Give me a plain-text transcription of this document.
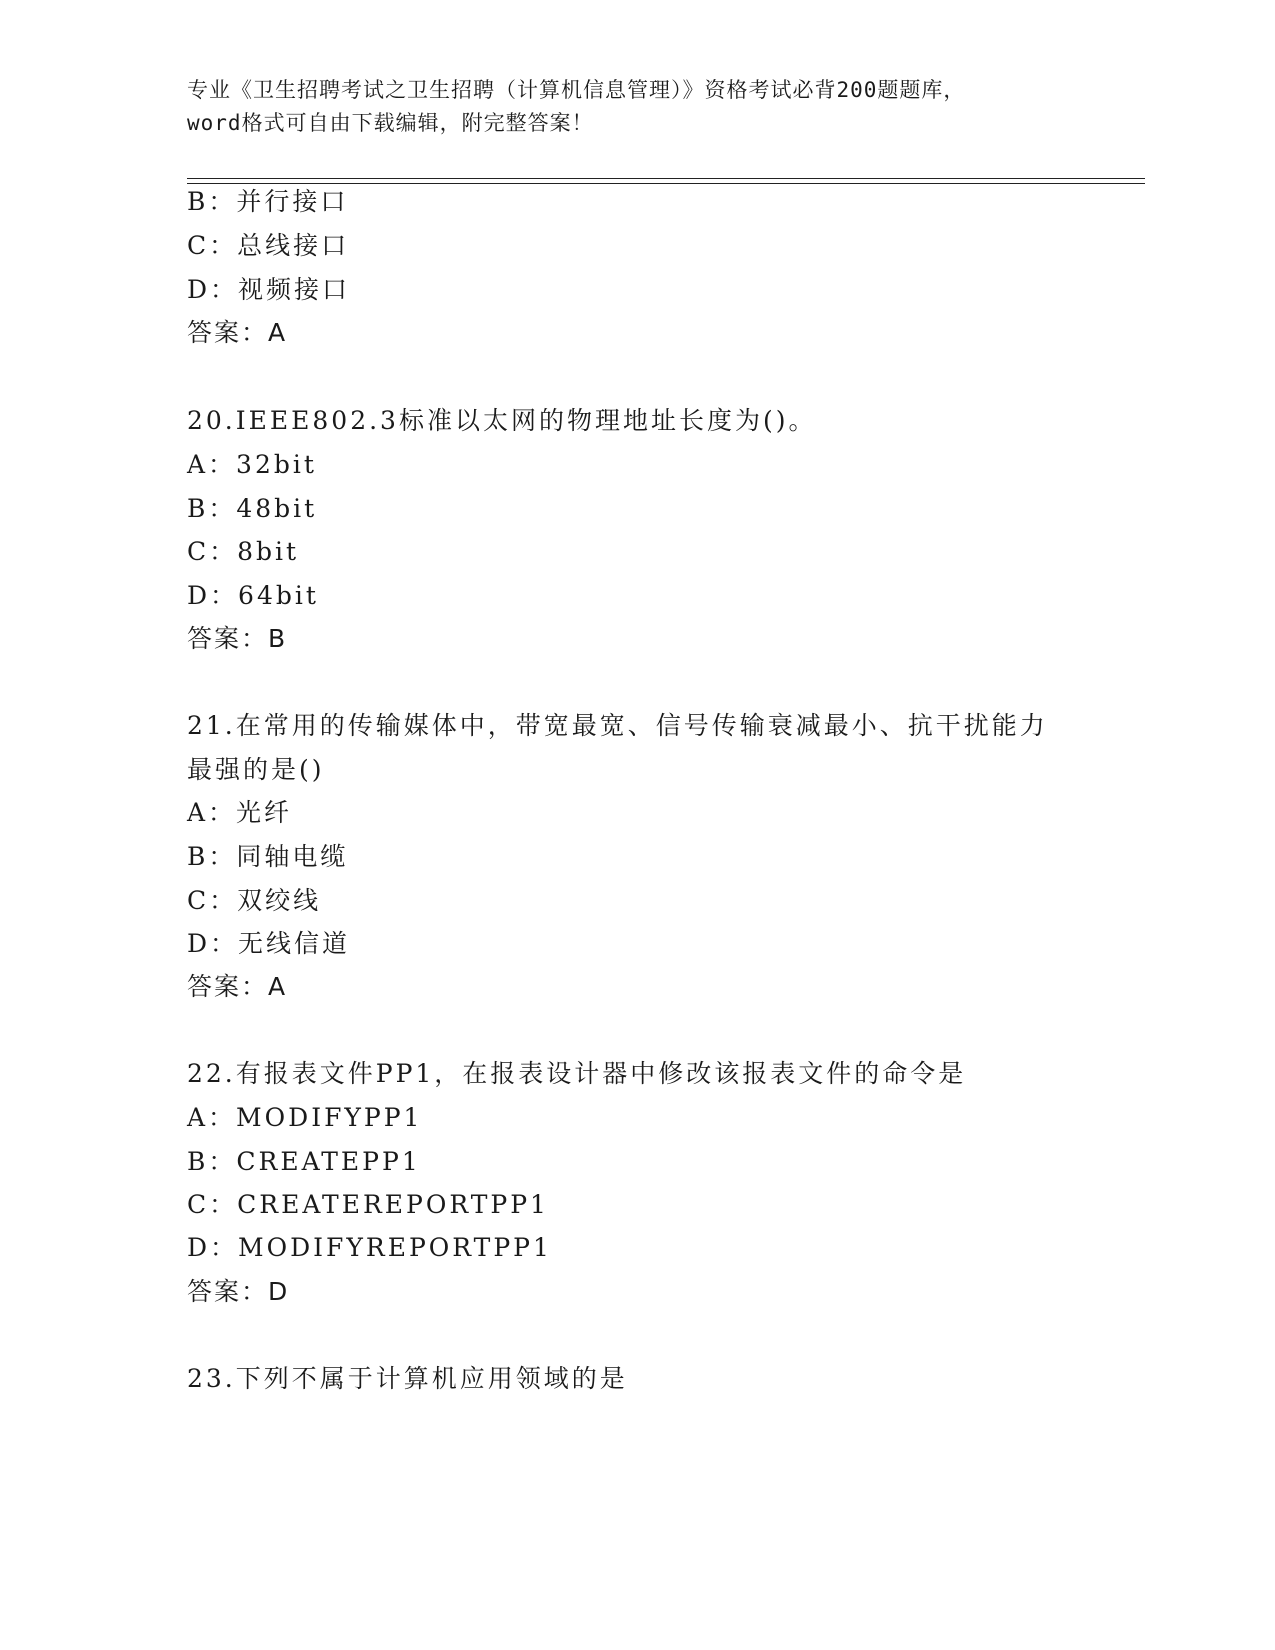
专业《卫生招聘考试之卫生招聘（计算机信息管理）》资格考试必背200题题库，
word格式可自由下载编辑，附完整答案！
B：并行接口
C：总线接口
D：视频接口
答案：A
20.IEEE802.3标准以太网的物理地址长度为()。
A：32bit
B：48bit
C：8bit
D：64bit
答案：B
21.在常用的传输媒体中，带宽最宽、信号传输衰减最小、抗干扰能力
最强的是()
A：光纤
B：同轴电缆
C：双绞线
D：无线信道
答案：A
22.有报表文件PP1，在报表设计器中修改该报表文件的命令是
A：MODIFYPP1
B：CREATEPP1
C：CREATEREPORTPP1
D：MODIFYREPORTPP1
答案：D
23.下列不属于计算机应用领域的是
